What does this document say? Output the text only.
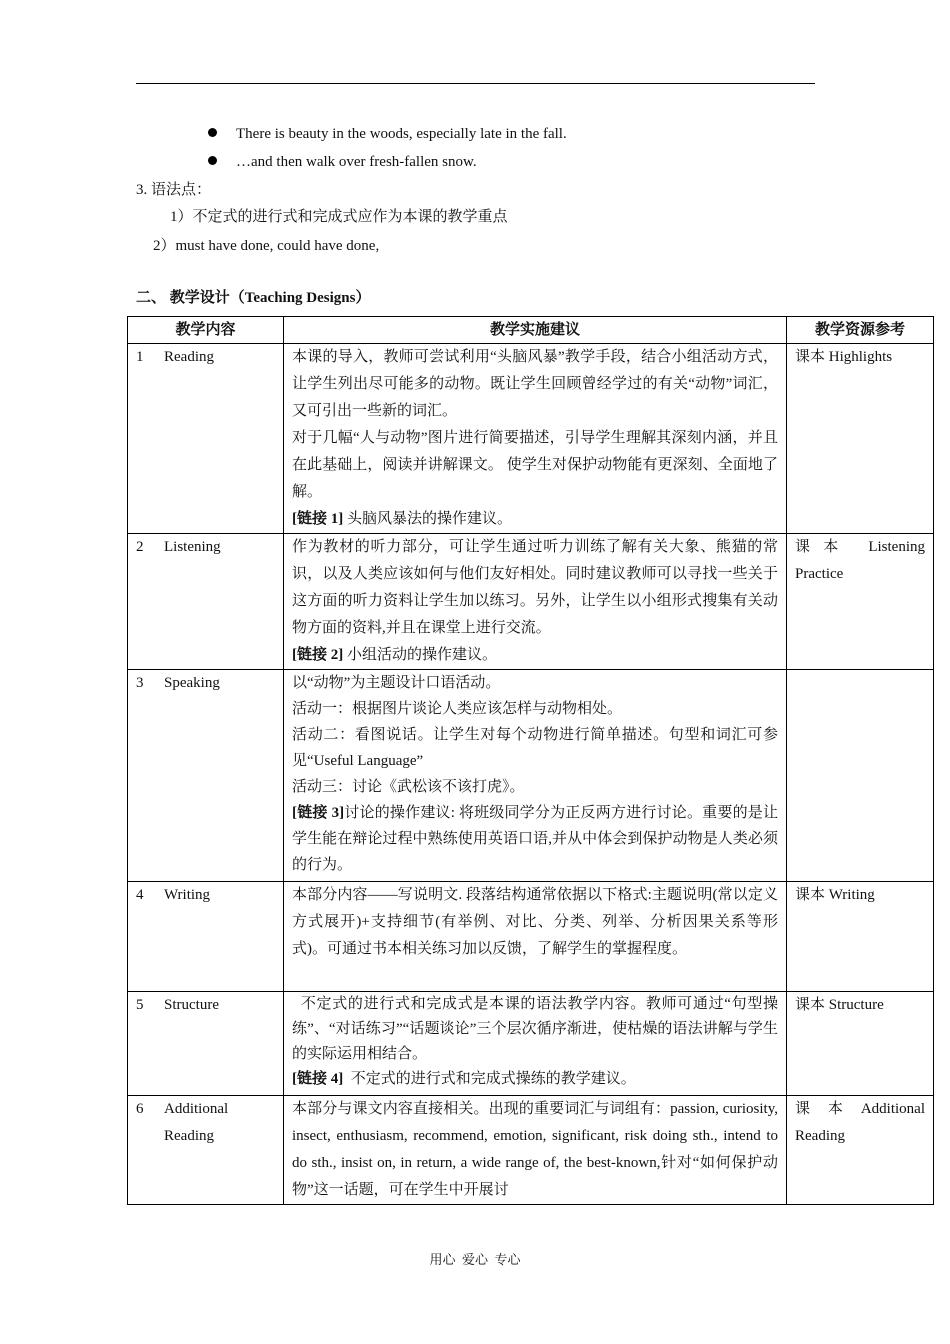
There is beauty in the woods, especially late in the fall.
…and then walk over fresh-fallen snow.
3. 语法点：
1）不定式的进行式和完成式应作为本课的教学重点
2）must have done, could have done,
二、 教学设计（Teaching Designs）
教学内容	教学实施建议	教学资源参考

1 Reading	本课的导入，教师可尝试利用“头脑风暴”教学手段，结合小组活动方式，让学生列出尽可能多的动物。既让学生回顾曾经学过的有关“动物”词汇，又可引出一些新的词汇。
对于几幅“人与动物”图片进行简要描述，引导学生理解其深刻内涵，并且在此基础上，阅读并讲解课文。 使学生对保护动物能有更深刻、全面地了解。
[链接 1] 头脑风暴法的操作建议。	课本 Highlights

2 Listening	作为教材的听力部分，可让学生通过听力训练了解有关大象、熊猫的常识，以及人类应该如何与他们友好相处。同时建议教师可以寻找一些关于这方面的听力资料让学生加以练习。另外，让学生以小组形式搜集有关动物方面的资料,并且在课堂上进行交流。
[链接 2] 小组活动的操作建议。	课本 Listening Practice

3 Speaking	以“动物”为主题设计口语活动。
活动一：根据图片谈论人类应该怎样与动物相处。
活动二：看图说话。让学生对每个动物进行简单描述。句型和词汇可参见“Useful Language”
活动三：讨论《武松该不该打虎》。
[链接 3]讨论的操作建议: 将班级同学分为正反两方进行讨论。重要的是让学生能在辩论过程中熟练使用英语口语,并从中体会到保护动物是人类必须的行为。	

4 Writing	本部分内容——写说明文. 段落结构通常依据以下格式:主题说明(常以定义方式展开)+支持细节(有举例、对比、分类、列举、分析因果关系等形式)。可通过书本相关练习加以反馈，了解学生的掌握程度。	课本 Writing

5 Structure	不定式的进行式和完成式是本课的语法教学内容。教师可通过“句型操练”、“对话练习”“话题谈论”三个层次循序渐进，使枯燥的语法讲解与学生的实际运用相结合。
[链接 4]  不定式的进行式和完成式操练的教学建议。	课本 Structure

6 Additional Reading	本部分与课文内容直接相关。出现的重要词汇与词组有：passion, curiosity, insect, enthusiasm, recommend, emotion, significant, risk doing sth., intend to do sth., insist on, in return, a wide range of, the best-known,针对“如何保护动物”这一话题，可在学生中开展讨	课 本 Additional Reading
用心  爱心  专心
